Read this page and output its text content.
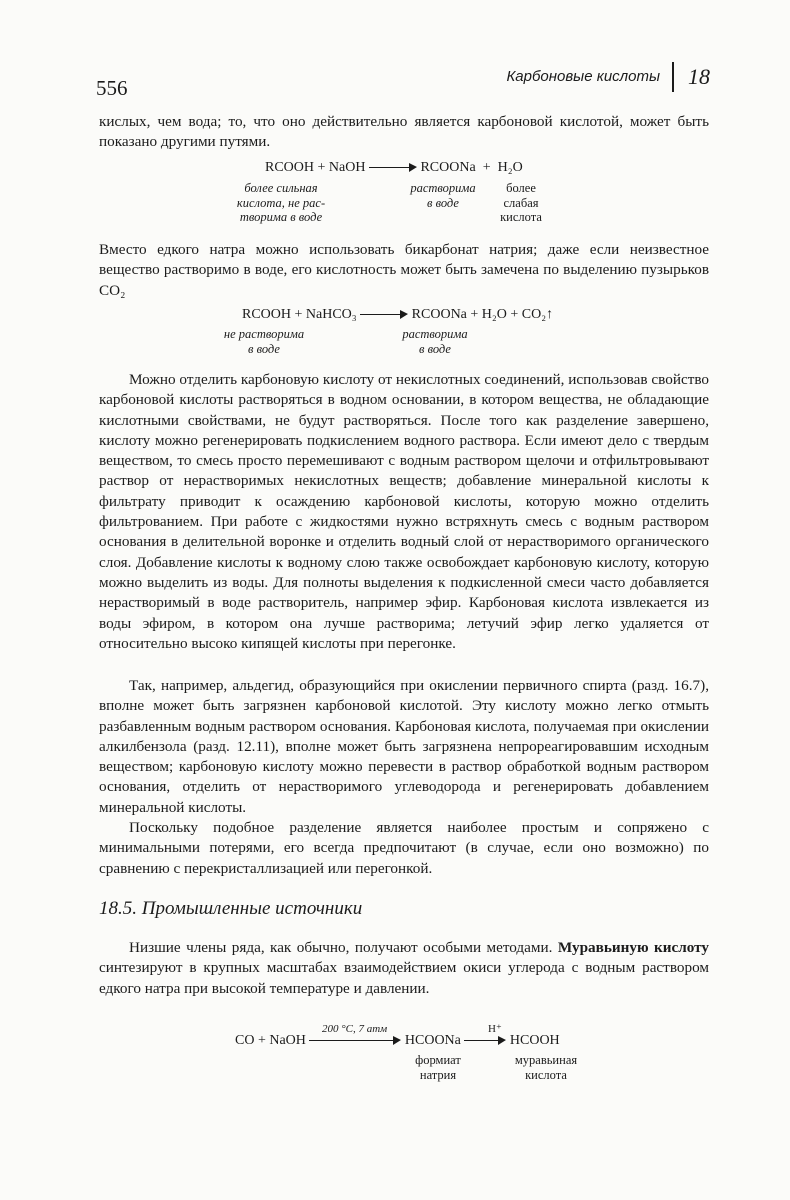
556	Карбоновые кислоты 18

кислых, чем вода; то, что оно действительно является карбоновой кислотой, может быть показано другими путями.

RCOOH + NaOH	RCOONa + H₂O
более сильная
кислота, не рас-
творима в воде
растворима
в воде
более
слабая
кислота

Вместо едкого натра можно использовать бикарбонат натрия; даже если неизвестное вещество растворимо в воде, его кислотность может быть замечена по выделению пузырьков CO₂

RCOOH + NaHCO₃	RCOONa + H₂O + CO₂↑
не растворима
в воде
растворима
в воде

Можно отделить карбоновую кислоту от некислотных соединений, использовав свойство карбоновой кислоты растворяться в водном основании, в котором вещества, не обладающие кислотными свойствами, не будут растворяться. После того как разделение завершено, кислоту можно регенерировать подкислением водного раствора. Если имеют дело с твердым веществом, то смесь просто перемешивают с водным раствором щелочи и отфильтровывают раствор от нерастворимых некислотных веществ; добавление минеральной кислоты к фильтрату приводит к осаждению карбоновой кислоты, которую можно отделить фильтрованием. При работе с жидкостями нужно встряхнуть смесь с водным раствором основания в делительной воронке и отделить водный слой от нерастворимого органического слоя. Добавление кислоты к водному слою также освобождает карбоновую кислоту, которую можно выделить из воды. Для полноты выделения к подкисленной смеси часто добавляется нерастворимый в воде растворитель, например эфир. Карбоновая кислота извлекается из воды эфиром, в котором она лучше растворима; летучий эфир легко удаляется от относительно высоко кипящей кислоты при перегонке.

Так, например, альдегид, образующийся при окислении первичного спирта (разд. 16.7), вполне может быть загрязнен карбоновой кислотой. Эту кислоту можно легко отмыть разбавленным водным раствором основания. Карбоновая кислота, получаемая при окислении алкилбензола (разд. 12.11), вполне может быть загрязнена непрореагировавшим исходным веществом; карбоновую кислоту можно перевести в раствор обработкой водным раствором основания, отделить от нерастворимого углеводорода и регенерировать добавлением минеральной кислоты.

Поскольку подобное разделение является наиболее простым и сопряжено с минимальными потерями, его всегда предпочитают (в случае, если оно возможно) по сравнению с перекристаллизацией или перегонкой.

18.5. Промышленные источники

Низшие члены ряда, как обычно, получают особыми методами. Муравьиную кислоту синтезируют в крупных масштабах взаимодействием окиси углерода с водным раствором едкого натра при высокой температуре и давлении.

200 °C, 7 атм	H⁺
CO + NaOH	HCOONa	HCOOH
формиат
натрия
муравьиная
кислота
